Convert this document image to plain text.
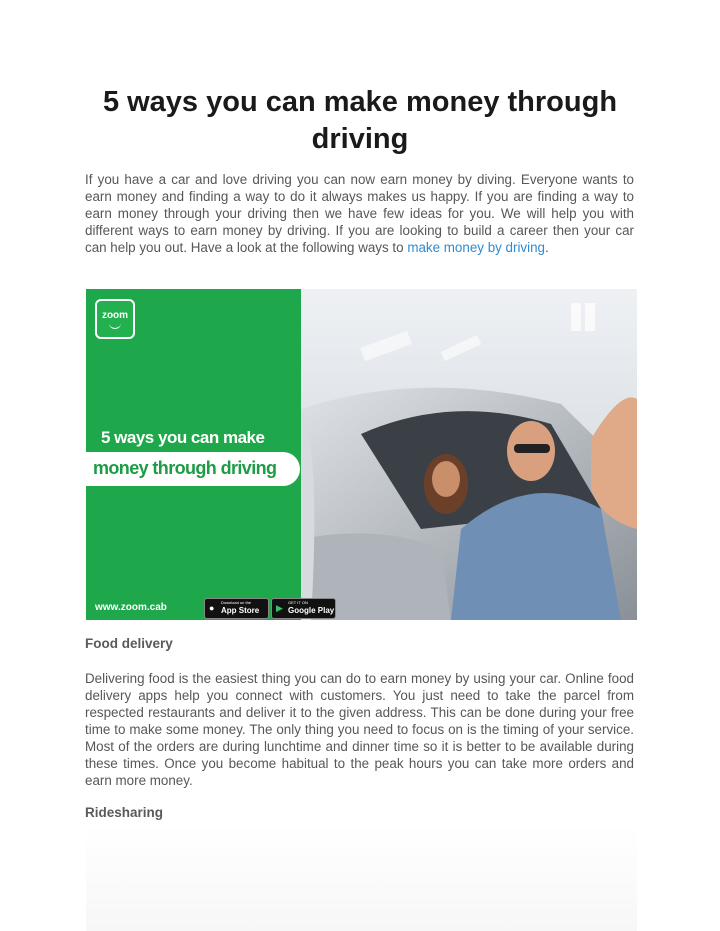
5 ways you can make money through driving
If you have a car and love driving you can now earn money by diving. Everyone wants to earn money and finding a way to do it always makes us happy. If you are finding a way to earn money through your driving then we have few ideas for you. We will help you with different ways to earn money by driving. If you are looking to build a career then your car can help you out. Have a look at the following ways to make money by driving.
zoom
5 ways you can make
money through driving
www.zoom.cab	●
Download on the
App Store ▶
GET IT ON
Google Play
Food delivery
Delivering food is the easiest thing you can do to earn money by using your car. Online food delivery apps help you connect with customers. You just need to take the parcel from respected restaurants and deliver it to the given address. This can be done during your free time to make some money. The only thing you need to focus on is the timing of your service. Most of the orders are during lunchtime and dinner time so it is better to be available during these times. Once you become habitual to the peak hours you can take more orders and earn more money.
Ridesharing
